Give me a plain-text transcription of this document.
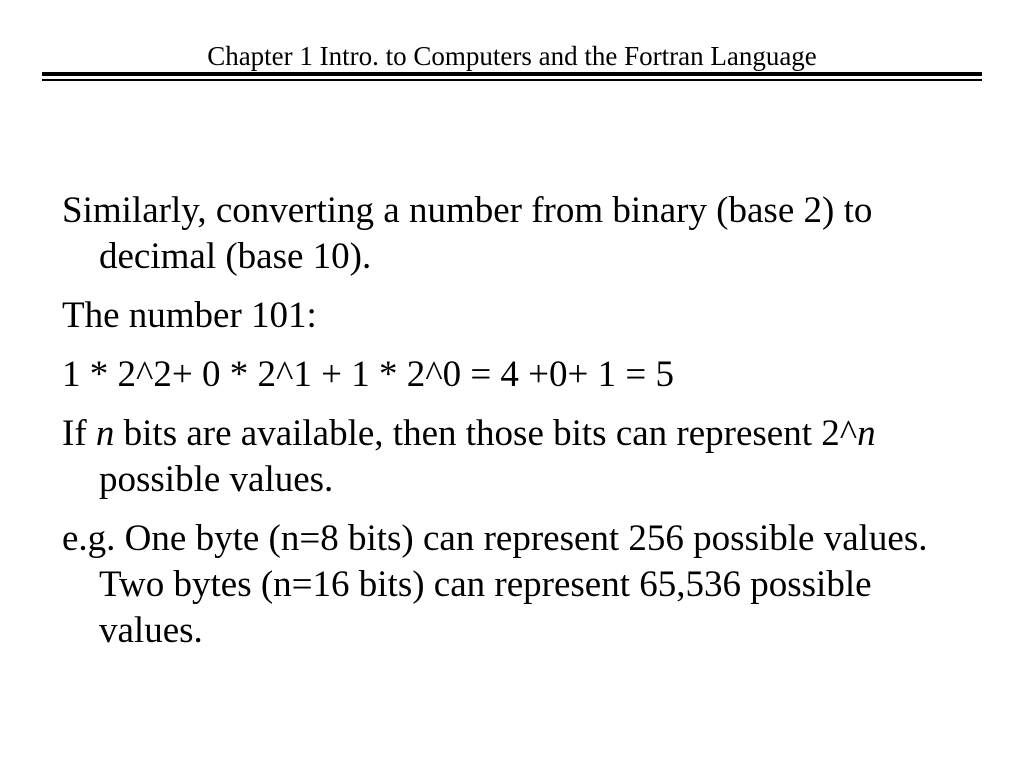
Chapter 1 Intro. to Computers and the Fortran Language
Similarly, converting a number from binary (base 2) to decimal (base 10).
The number 101:
1 * 2^2+ 0 * 2^1 + 1 * 2^0 = 4 +0+ 1 = 5
If n bits are available, then those bits can represent 2^n possible values.
e.g. One byte (n=8 bits) can represent 256 possible values. Two bytes (n=16 bits) can represent 65,536 possible values.
